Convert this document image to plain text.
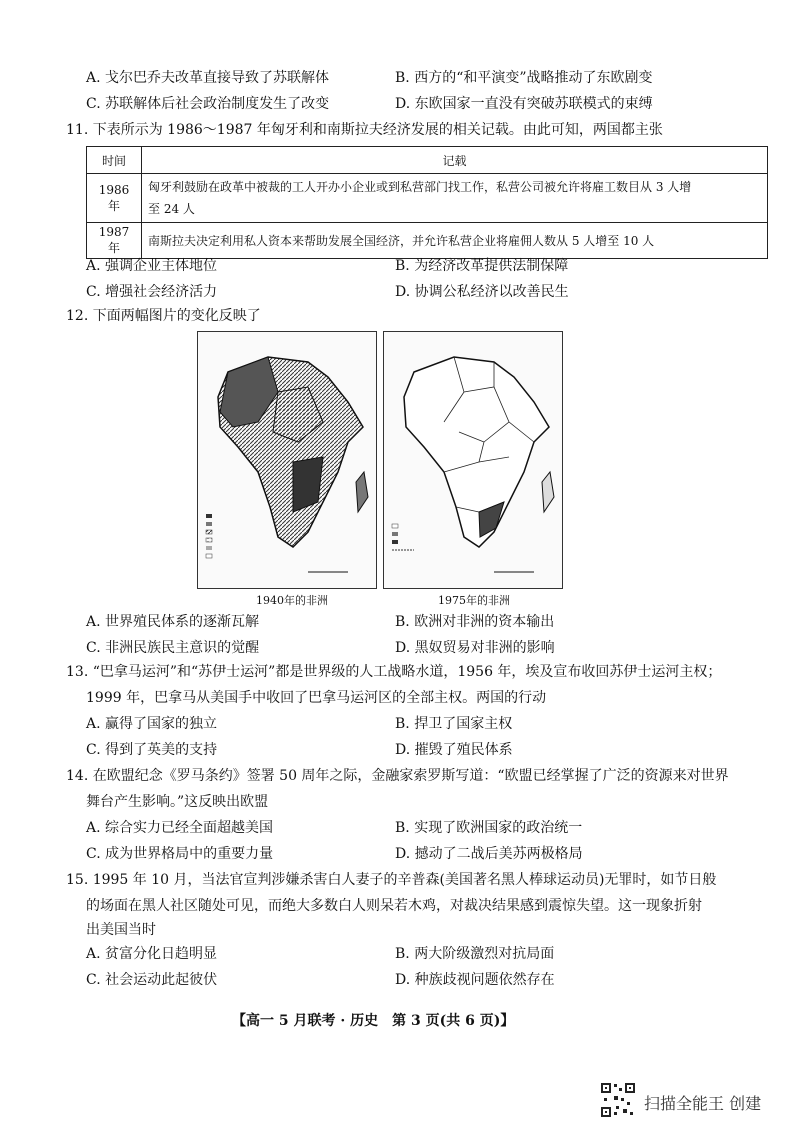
A. 戈尔巴乔夫改革直接导致了苏联解体	B. 西方的“和平演变”战略推动了东欧剧变
C. 苏联解体后社会政治制度发生了改变	D. 东欧国家一直没有突破苏联模式的束缚
11. 下表所示为 1986～1987 年匈牙利和南斯拉夫经济发展的相关记载。由此可知，两国都主张
时间	记载
1986 年	匈牙利鼓励在政革中被裁的工人开办小企业或到私营部门找工作，私营公司被允许将雇工数目从 3 人增
至 24 人

1987 年	南斯拉夫决定利用私人资本来帮助发展全国经济，并允许私营企业将雇佣人数从 5 人增至 10 人
A. 强调企业主体地位	B. 为经济改革提供法制保障
C. 增强社会经济活力	D. 协调公私经济以改善民生
12. 下面两幅图片的变化反映了
1940年的非洲	1975年的非洲
A. 世界殖民体系的逐渐瓦解	B. 欧洲对非洲的资本输出
C. 非洲民族民主意识的觉醒	D. 黑奴贸易对非洲的影响
13. “巴拿马运河”和“苏伊士运河”都是世界级的人工战略水道，1956 年，埃及宣布收回苏伊士运河主权；
1999 年，巴拿马从美国手中收回了巴拿马运河区的全部主权。两国的行动
A. 赢得了国家的独立	B. 捍卫了国家主权
C. 得到了英美的支持	D. 摧毁了殖民体系
14. 在欧盟纪念《罗马条约》签署 50 周年之际，金融家索罗斯写道：“欧盟已经掌握了广泛的资源来对世界
舞台产生影响。”这反映出欧盟
A. 综合实力已经全面超越美国	B. 实现了欧洲国家的政治统一
C. 成为世界格局中的重要力量	D. 撼动了二战后美苏两极格局
15. 1995 年 10 月，当法官宣判涉嫌杀害白人妻子的辛普森(美国著名黑人棒球运动员)无罪时，如节日般
的场面在黑人社区随处可见，而绝大多数白人则呆若木鸡，对裁决结果感到震惊失望。这一现象折射
出美国当时
A. 贫富分化日趋明显	B. 两大阶级激烈对抗局面
C. 社会运动此起彼伏	D. 种族歧视问题依然存在
【高一 5 月联考 · 历史　第 3 页(共 6 页)】
扫描全能王 创建
